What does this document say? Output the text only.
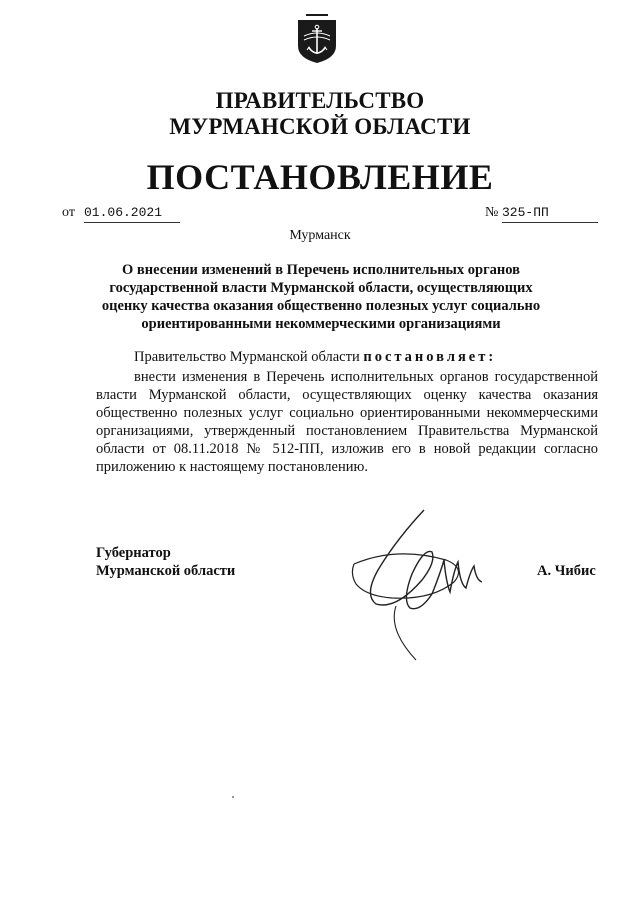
ПРАВИТЕЛЬСТВО
МУРМАНСКОЙ ОБЛАСТИ
ПОСТАНОВЛЕНИЕ
от 01.06.2021	№ 325-ПП
Мурманск
О внесении изменений в Перечень исполнительных органов государственной власти Мурманской области, осуществляющих оценку качества оказания общественно полезных услуг социально ориентированными некоммерческими организациями
Правительство Мурманской области постановляет:

внести изменения в Перечень исполнительных органов государственной власти Мурманской области, осуществляющих оценку качества оказания общественно полезных услуг социально ориентированными некоммерческими организациями, утвержденный постановлением Правительства Мурманской области от 08.11.2018 № 512-ПП, изложив его в новой редакции согласно приложению к настоящему постановлению.

Губернатор
Мурманской области	А. Чибис
